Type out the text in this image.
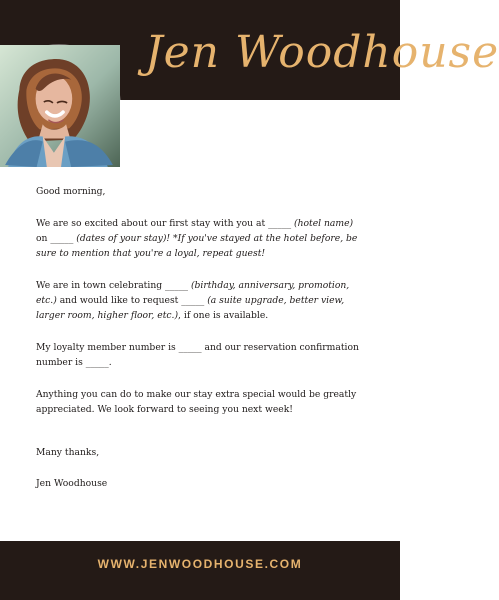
Jen Woodhouse

Good morning,

We are so excited about our first stay with you at _____ (hotel name) on _____ (dates of your stay)! *If you've stayed at the hotel before, be sure to mention that you're a loyal, repeat guest!

We are in town celebrating _____ (birthday, anniversary, promotion, etc.) and would like to request _____ (a suite upgrade, better view, larger room, higher floor, etc.), if one is available.

My loyalty member number is _____ and our reservation confirmation number is _____.

Anything you can do to make our stay extra special would be greatly appreciated. We look forward to seeing you next week!

Many thanks,

Jen Woodhouse

WWW.JENWOODHOUSE.COM
